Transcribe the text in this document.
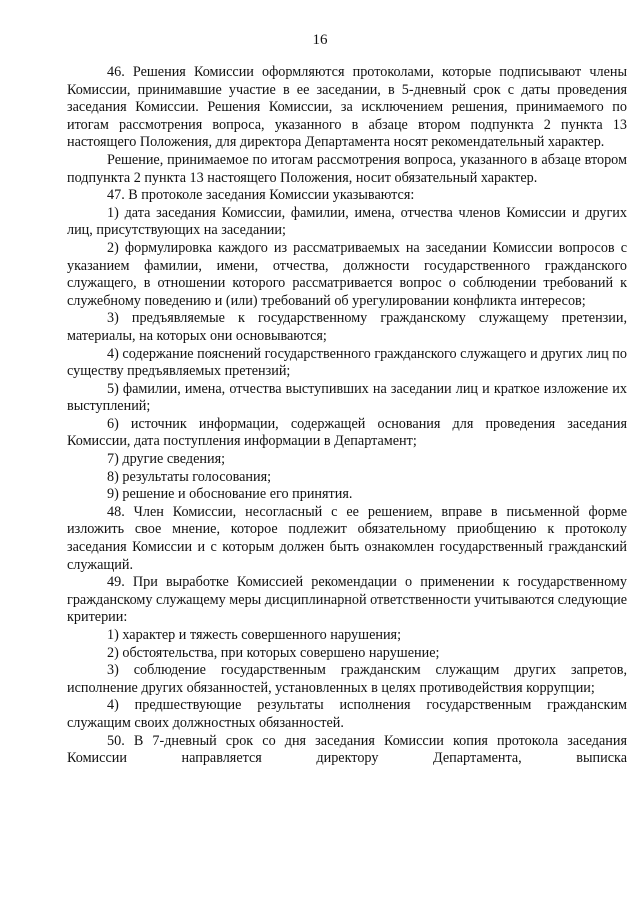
16

46. Решения Комиссии оформляются протоколами, которые подписывают члены Комиссии, принимавшие участие в ее заседании, в 5-дневный срок с даты проведения заседания Комиссии. Решения Комиссии, за исключением решения, принимаемого по итогам рассмотрения вопроса, указанного в абзаце втором подпункта 2 пункта 13 настоящего Положения, для директора Департамента носят рекомендательный характер.

Решение, принимаемое по итогам рассмотрения вопроса, указанного в абзаце втором подпункта 2 пункта 13 настоящего Положения, носит обязательный характер.

47. В протоколе заседания Комиссии указываются:

1) дата заседания Комиссии, фамилии, имена, отчества членов Комиссии и других лиц, присутствующих на заседании;

2) формулировка каждого из рассматриваемых на заседании Комиссии вопросов с указанием фамилии, имени, отчества, должности государственного гражданского служащего, в отношении которого рассматривается вопрос о соблюдении требований к служебному поведению и (или) требований об урегулировании конфликта интересов;

3) предъявляемые к государственному гражданскому служащему претензии, материалы, на которых они основываются;

4) содержание пояснений государственного гражданского служащего и других лиц по существу предъявляемых претензий;

5) фамилии, имена, отчества выступивших на заседании лиц и краткое изложение их выступлений;

6) источник информации, содержащей основания для проведения заседания Комиссии, дата поступления информации в Департамент;

7) другие сведения;

8) результаты голосования;

9) решение и обоснование его принятия.

48. Член Комиссии, несогласный с ее решением, вправе в письменной форме изложить свое мнение, которое подлежит обязательному приобщению к протоколу заседания Комиссии и с которым должен быть ознакомлен государственный гражданский служащий.

49. При выработке Комиссией рекомендации о применении к государственному гражданскому служащему меры дисциплинарной ответственности учитываются следующие критерии:

1) характер и тяжесть совершенного нарушения;

2) обстоятельства, при которых совершено нарушение;

3) соблюдение государственным гражданским служащим других запретов, исполнение других обязанностей, установленных в целях противодействия коррупции;

4) предшествующие результаты исполнения государственным гражданским служащим своих должностных обязанностей.

50. В 7-дневный срок со дня заседания Комиссии копия протокола заседания Комиссии направляется директору Департамента, выписка
